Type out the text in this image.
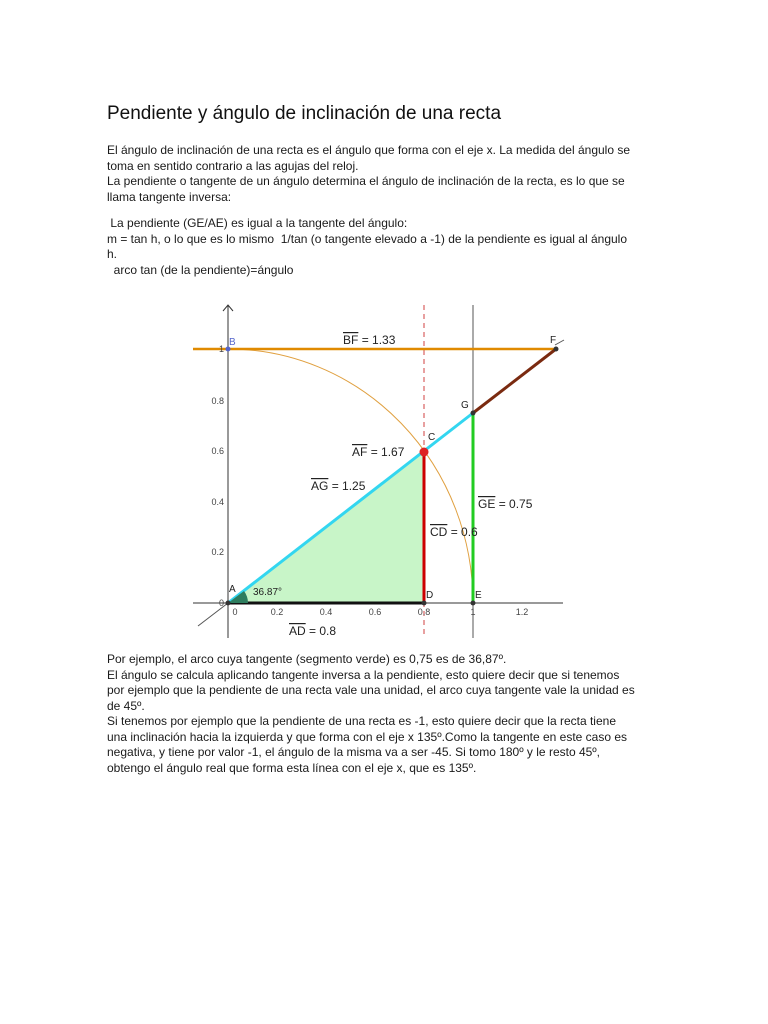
Pendiente y ángulo de inclinación de una recta
El ángulo de inclinación de una recta es el ángulo que forma con el eje x. La medida del ángulo se
toma en sentido contrario a las agujas del reloj.
La pendiente o tangente de un ángulo determina el ángulo de inclinación de la recta, es lo que se
llama tangente inversa:
La pendiente (GE/AE) es igual a la tangente del ángulo:
m = tan h, o lo que es lo mismo  1/tan (o tangente elevado a -1) de la pendiente es igual al ángulo
h.
arco tan (de la pendiente)=ángulo
0
0.2
0.4
0.6
0.8
1
0	0.2	0.4	0.6	0.8	1	1.2
B
C
G
F
A
D	E
36.87°
BF = 1.33
AF = 1.67
AG = 1.25
GE = 0.75
CD = 0.6
AD = 0.8
Por ejemplo, el arco cuya tangente (segmento verde) es 0,75 es de 36,87º.
El ángulo se calcula aplicando tangente inversa a la pendiente, esto quiere decir que si tenemos
por ejemplo que la pendiente de una recta vale una unidad, el arco cuya tangente vale la unidad es
de 45º.
Si tenemos por ejemplo que la pendiente de una recta es -1, esto quiere decir que la recta tiene
una inclinación hacia la izquierda y que forma con el eje x 135º.Como la tangente en este caso es
negativa, y tiene por valor -1, el ángulo de la misma va a ser -45. Si tomo 180º y le resto 45º,
obtengo el ángulo real que forma esta línea con el eje x, que es 135º.
